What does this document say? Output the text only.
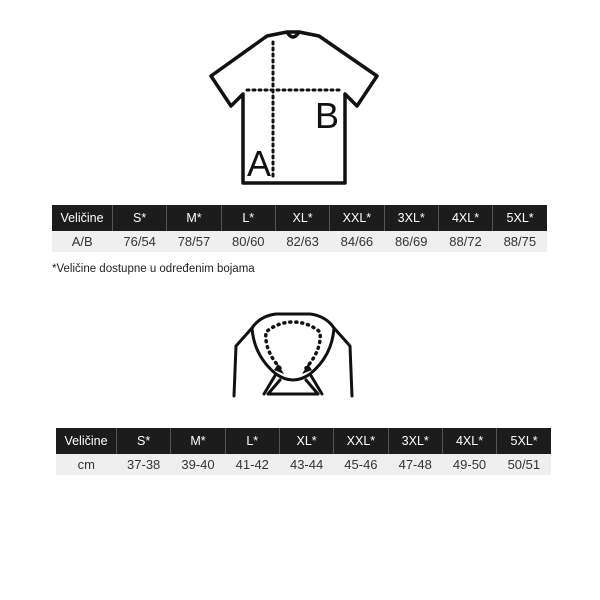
A
B
Veličine	S*	M*	L*	XL*	XXL*	3XL*	4XL*	5XL*
A/B	76/54	78/57	80/60	82/63	84/66	86/69	88/72	88/75
*Veličine dostupne u određenim bojama
Veličine	S*	M*	L*	XL*	XXL*	3XL*	4XL*	5XL*
cm	37-38	39-40	41-42	43-44	45-46	47-48	49-50	50/51
